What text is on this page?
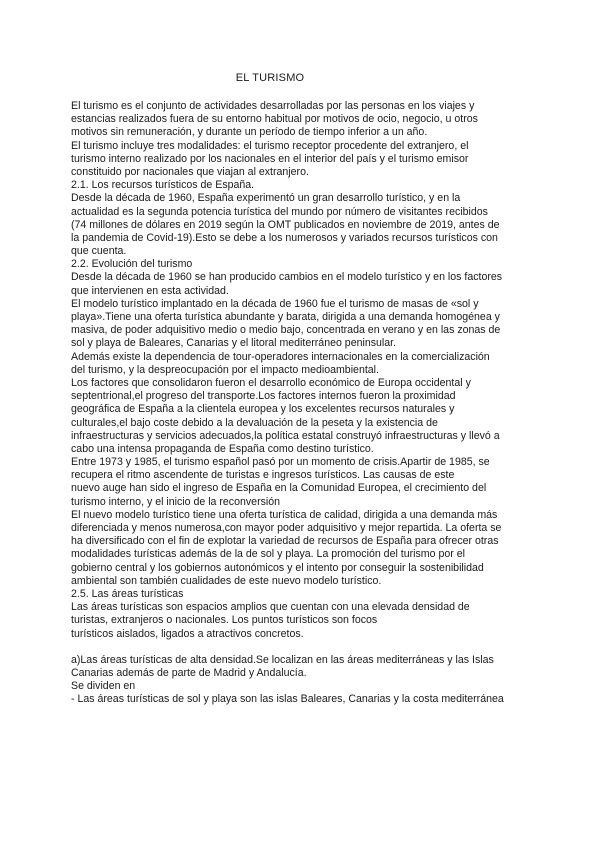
EL TURISMO
El turismo es el conjunto de actividades desarrolladas por las personas en los viajes y
estancias realizados fuera de su entorno habitual por motivos de ocio, negocio, u otros
motivos sin remuneración, y durante un período de tiempo inferior a un año.
El turismo incluye tres modalidades: el turismo receptor procedente del extranjero, el
turismo interno realizado por los nacionales en el interior del país y el turismo emisor
constituido por nacionales que viajan al extranjero.
2.1. Los recursos turísticos de España.
Desde la década de 1960, España experimentó un gran desarrollo turístico, y en la
actualidad es la segunda potencia turística del mundo por número de visitantes recibidos
(74 millones de dólares en 2019 según la OMT publicados en noviembre de 2019, antes de
la pandemia de Covid-19).Esto se debe a los numerosos y variados recursos turísticos con
que cuenta.
2.2. Evolución del turismo
Desde la década de 1960 se han producido cambios en el modelo turístico y en los factores
que intervienen en esta actividad.
El modelo turístico implantado en la década de 1960 fue el turismo de masas de «sol y
playa».Tiene una oferta turística abundante y barata, dirigida a una demanda homogénea y
masiva, de poder adquisitivo medio o medio bajo, concentrada en verano y en las zonas de
sol y playa de Baleares, Canarias y el litoral mediterráneo peninsular.
Además existe la dependencia de tour-operadores internacionales en la comercialización
del turismo, y la despreocupación por el impacto medioambiental.
Los factores que consolidaron fueron el desarrollo económico de Europa occidental y
septentrional,el progreso del transporte.Los factores internos fueron la proximidad
geográfica de España a la clientela europea y los excelentes recursos naturales y
culturales,el bajo coste debido a la devaluación de la peseta y la existencia de
infraestructuras y servicios adecuados,la política estatal construyó infraestructuras y llevó a
cabo una intensa propaganda de España como destino turístico.
Entre 1973 y 1985, el turismo español pasó por un momento de crisis.Apartir de 1985, se
recupera el ritmo ascendente de turistas e ingresos turísticos. Las causas de este
nuevo auge han sido el ingreso de España en la Comunidad Europea, el crecimiento del
turismo interno, y el inicio de la reconversión
El nuevo modelo turístico tiene una oferta turística de calidad, dirigida a una demanda más
diferenciada y menos numerosa,con mayor poder adquisitivo y mejor repartida. La oferta se
ha diversificado con el fin de explotar la variedad de recursos de España para ofrecer otras
modalidades turísticas además de la de sol y playa. La promoción del turismo por el
gobierno central y los gobiernos autonómicos y el intento por conseguir la sostenibilidad
ambiental son también cualidades de este nuevo modelo turístico.
2.5. Las áreas turísticas
Las áreas turísticas son espacios amplios que cuentan con una elevada densidad de
turistas, extranjeros o nacionales. Los puntos turísticos son focos
turísticos aislados, ligados a atractivos concretos.
a)Las áreas turísticas de alta densidad.Se localizan en las áreas mediterráneas y las Islas
Canarias además de parte de Madrid y Andalucía.
Se dividen en
- Las áreas turísticas de sol y playa son las islas Baleares, Canarias y la costa mediterránea
